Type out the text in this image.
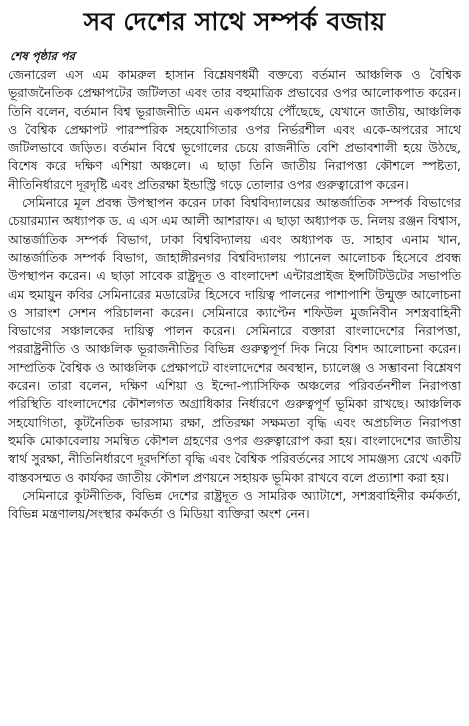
সব দেশের সাথে সম্পর্ক বজায়
শেষ পৃষ্ঠার পর

জেনারেল এস এম কামরুল হাসান বিশ্লেষণধর্মী বক্তব্যে বর্তমান আঞ্চলিক ও বৈশ্বিক ভূরাজনৈতিক প্রেক্ষাপটের জটিলতা এবং তার বহুমাত্রিক প্রভাবের ওপর আলোকপাত করেন। তিনি বলেন, বর্তমান বিশ্ব ভূরাজনীতি এমন একপর্যায়ে পৌঁছেছে, যেখানে জাতীয়, আঞ্চলিক ও বৈশ্বিক প্রেক্ষাপট পারস্পরিক সহযোগিতার ওপর নির্ভরশীল এবং একে-অপরের সাথে জটিলভাবে জড়িত। বর্তমান বিশ্বে ভূগোলের চেয়ে রাজনীতি বেশি প্রভাবশালী হয়ে উঠছে, বিশেষ করে দক্ষিণ এশিয়া অঞ্চলে। এ ছাড়া তিনি জাতীয় নিরাপত্তা কৌশলে স্পষ্টতা, নীতিনির্ধারণে দূরদৃষ্টি এবং প্রতিরক্ষা ইন্ডাস্ট্রি গড়ে তোলার ওপর গুরুত্বারোপ করেন।

সেমিনারে মূল প্রবন্ধ উপস্থাপন করেন ঢাকা বিশ্ববিদ্যালয়ের আন্তর্জাতিক সম্পর্ক বিভাগের চেয়ারম্যান অধ্যাপক ড. এ এস এম আলী আশরাফ। এ ছাড়া অধ্যাপক ড. নিলয় রঞ্জন বিশ্বাস, আন্তর্জাতিক সম্পর্ক বিভাগ, ঢাকা বিশ্ববিদ্যালয় এবং অধ্যাপক ড. সাহাব এনাম খান, আন্তর্জাতিক সম্পর্ক বিভাগ, জাহাঙ্গীরনগর বিশ্ববিদ্যালয় প্যানেল আলোচক হিসেবে প্রবন্ধ উপস্থাপন করেন। এ ছাড়া সাবেক রাষ্ট্রদূত ও বাংলাদেশ এন্টারপ্রাইজ ইন্সটিটিউটের সভাপতি এম হুমায়ুন কবির সেমিনারের মডারেটর হিসেবে দায়িত্ব পালনের পাশাপাশি উন্মুক্ত আলোচনা ও সারাংশ সেশন পরিচালনা করেন। সেমিনারে ক্যাপ্টেন শফিউল মুজনিবীন সশস্ত্রবাহিনী বিভাগের সঞ্চালকের দায়িত্ব পালন করেন। সেমিনারে বক্তারা বাংলাদেশের নিরাপত্তা, পররাষ্ট্রনীতি ও আঞ্চলিক ভূরাজনীতির বিভিন্ন গুরুত্বপূর্ণ দিক নিয়ে বিশদ আলোচনা করেন। সাম্প্রতিক বৈশ্বিক ও আঞ্চলিক প্রেক্ষাপটে বাংলাদেশের অবস্থান, চ্যালেঞ্জ ও সম্ভাবনা বিশ্লেষণ করেন। তারা বলেন, দক্ষিণ এশিয়া ও ইন্দো-প্যাসিফিক অঞ্চলের পরিবর্তনশীল নিরাপত্তা পরিস্থিতি বাংলাদেশের কৌশলগত অগ্রাধিকার নির্ধারণে গুরুত্বপূর্ণ ভূমিকা রাখছে। আঞ্চলিক সহযোগিতা, কূটনৈতিক ভারসাম্য রক্ষা, প্রতিরক্ষা সক্ষমতা বৃদ্ধি এবং অপ্রচলিত নিরাপত্তা হুমকি মোকাবেলায় সমন্বিত কৌশল গ্রহণের ওপর গুরুত্বারোপ করা হয়। বাংলাদেশের জাতীয় স্বার্থ সুরক্ষা, নীতিনির্ধারণে দূরদর্শিতা বৃদ্ধি এবং বৈশ্বিক পরিবর্তনের সাথে সামঞ্জস্য রেখে একটি বাস্তবসম্মত ও কার্যকর জাতীয় কৌশল প্রণয়নে সহায়ক ভূমিকা রাখবে বলে প্রত্যাশা করা হয়।

সেমিনারে কূটনীতিক, বিভিন্ন দেশের রাষ্ট্রদূত ও সামরিক অ্যাটাশে, সশস্ত্রবাহিনীর কর্মকর্তা, বিভিন্ন মন্ত্রণালয়/সংস্থার কর্মকর্তা ও মিডিয়া ব্যক্তিরা অংশ নেন।
